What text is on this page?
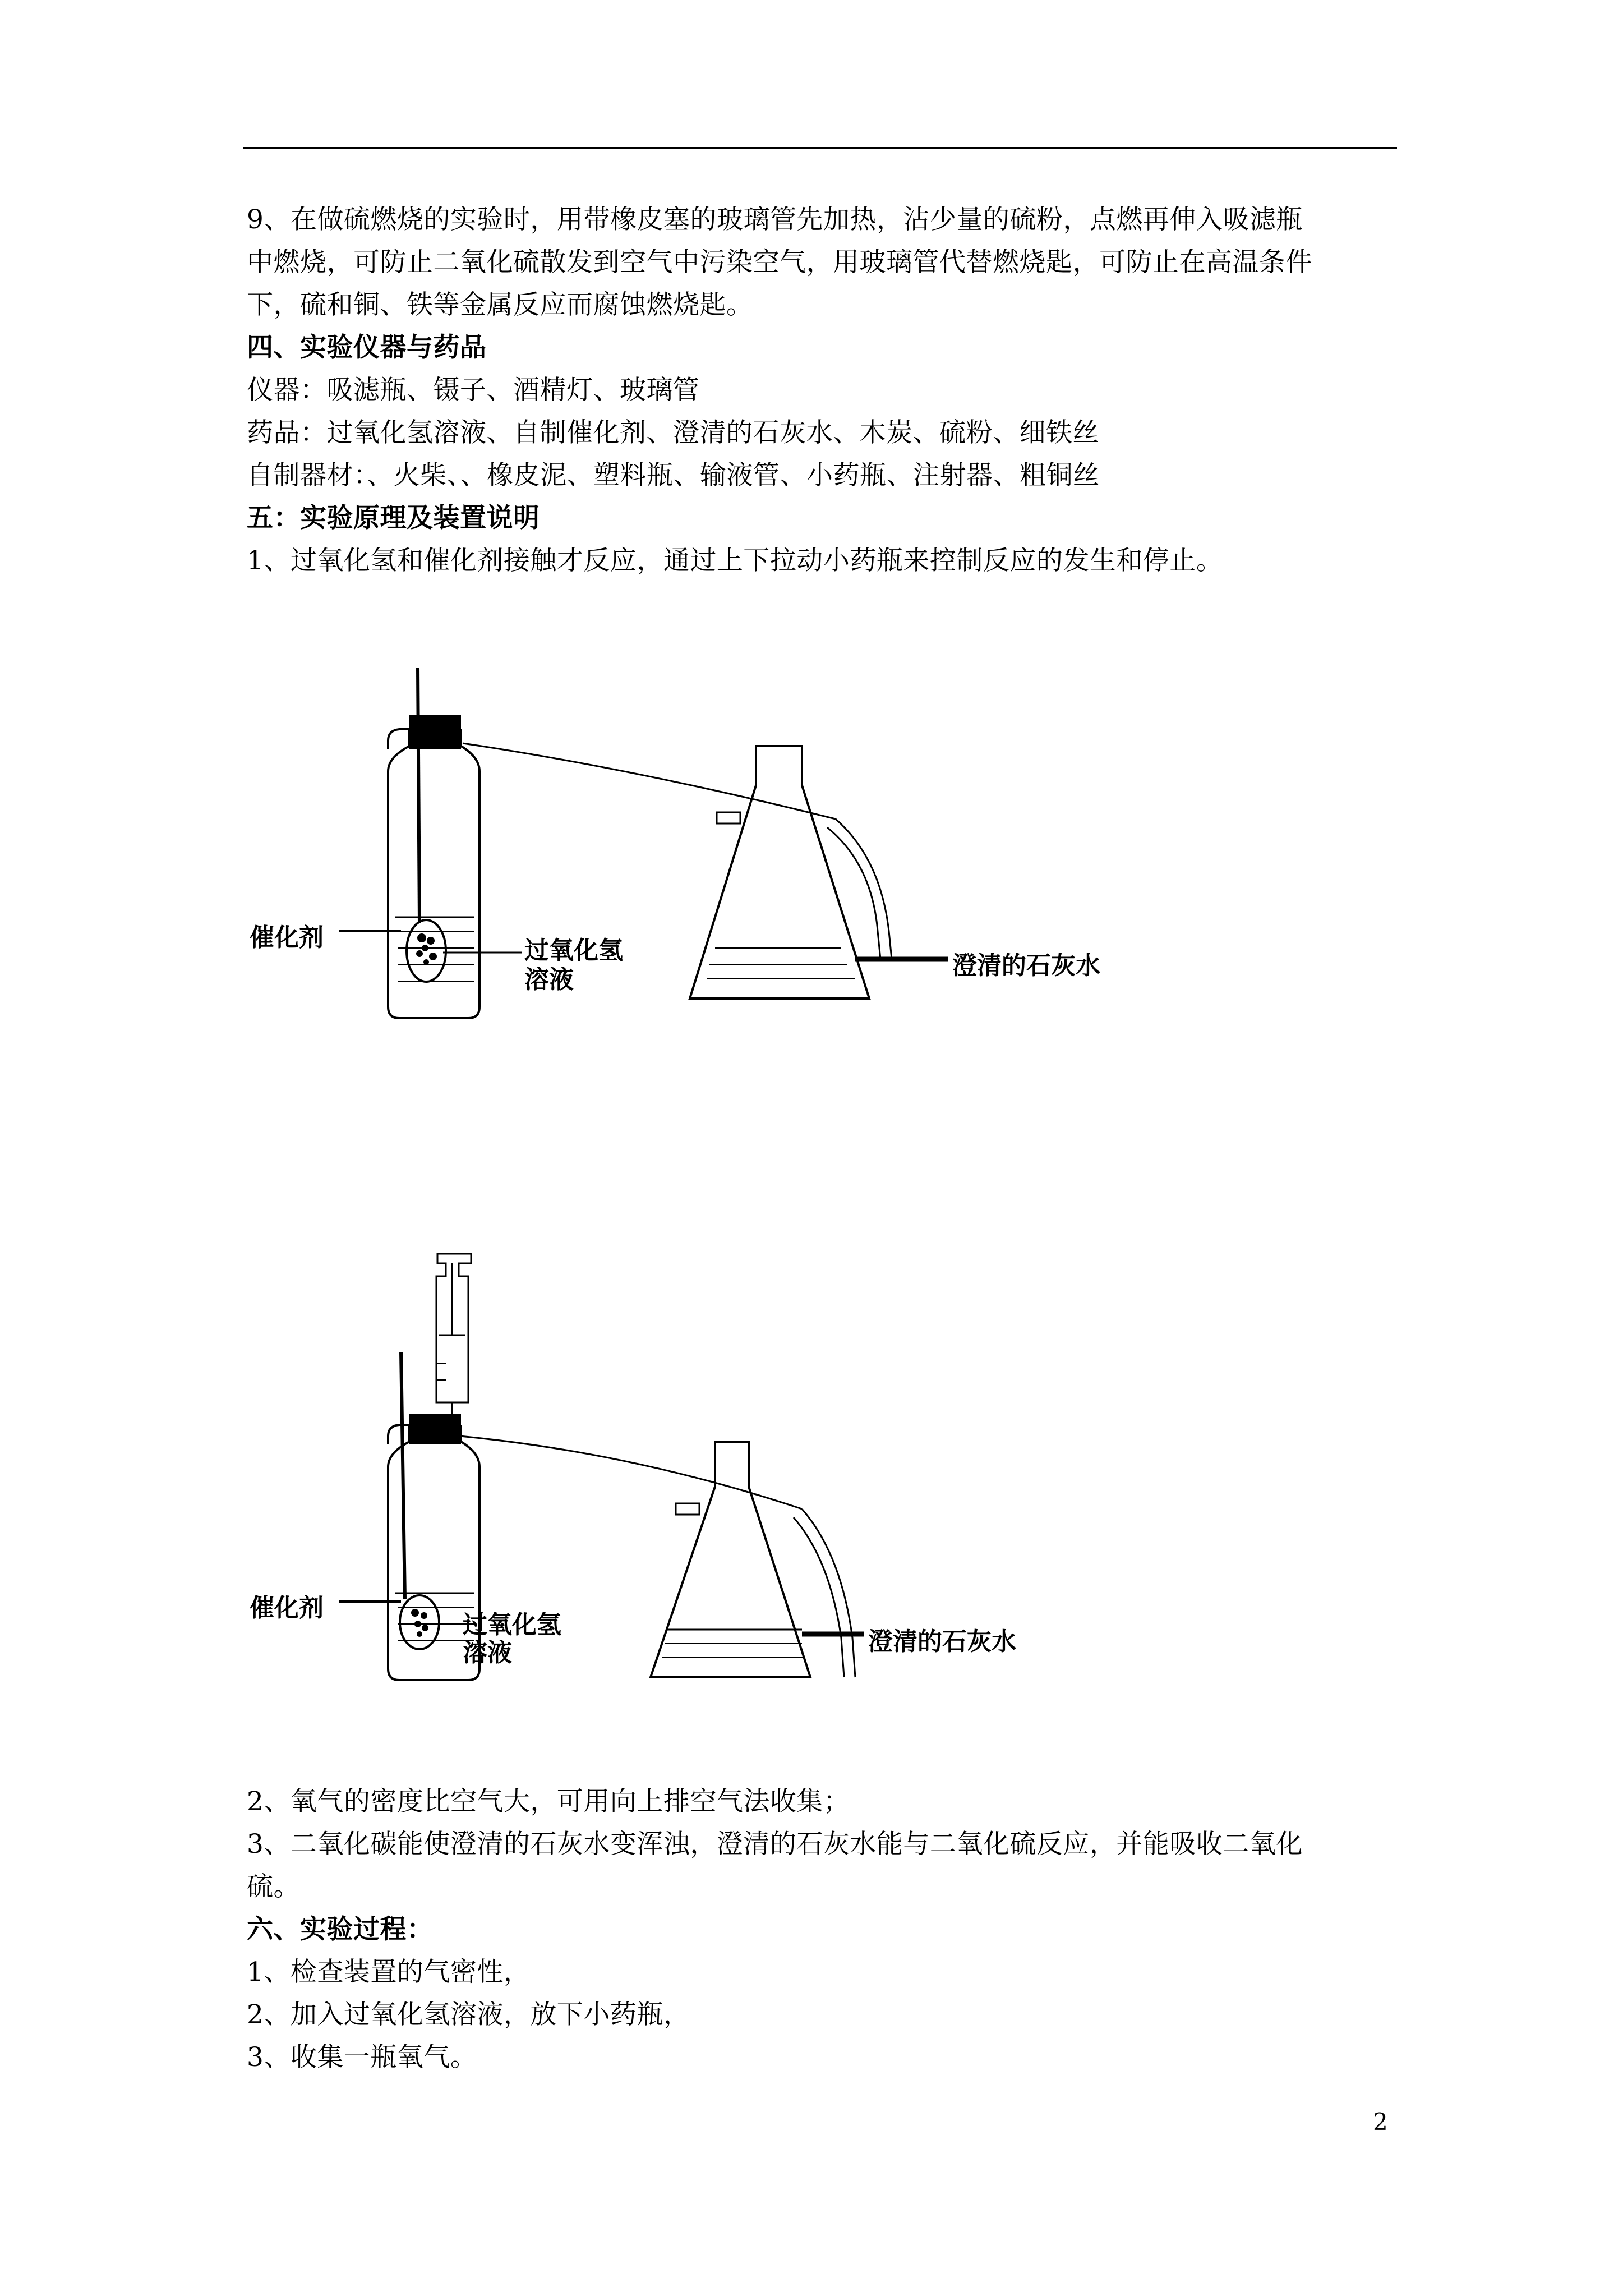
9、在做硫燃烧的实验时，用带橡皮塞的玻璃管先加热，沾少量的硫粉，点燃再伸入吸滤瓶
中燃烧，可防止二氧化硫散发到空气中污染空气，用玻璃管代替燃烧匙，可防止在高温条件
下，硫和铜、铁等金属反应而腐蚀燃烧匙。
四、实验仪器与药品
仪器：吸滤瓶、镊子、酒精灯、玻璃管
药品：过氧化氢溶液、自制催化剂、澄清的石灰水、木炭、硫粉、细铁丝
自制器材：、火柴、、橡皮泥、塑料瓶、输液管、小药瓶、注射器、粗铜丝
五：实验原理及装置说明
1、过氧化氢和催化剂接触才反应，通过上下拉动小药瓶来控制反应的发生和停止。
催化剂	过氧化氢
溶液	澄清的石灰水
催化剂
过氧化氢
溶液	澄清的石灰水
2、氧气的密度比空气大，可用向上排空气法收集；
3、二氧化碳能使澄清的石灰水变浑浊，澄清的石灰水能与二氧化硫反应，并能吸收二氧化
硫。
六、实验过程：
1、检查装置的气密性，
2、加入过氧化氢溶液，放下小药瓶，
3、收集一瓶氧气。
2
